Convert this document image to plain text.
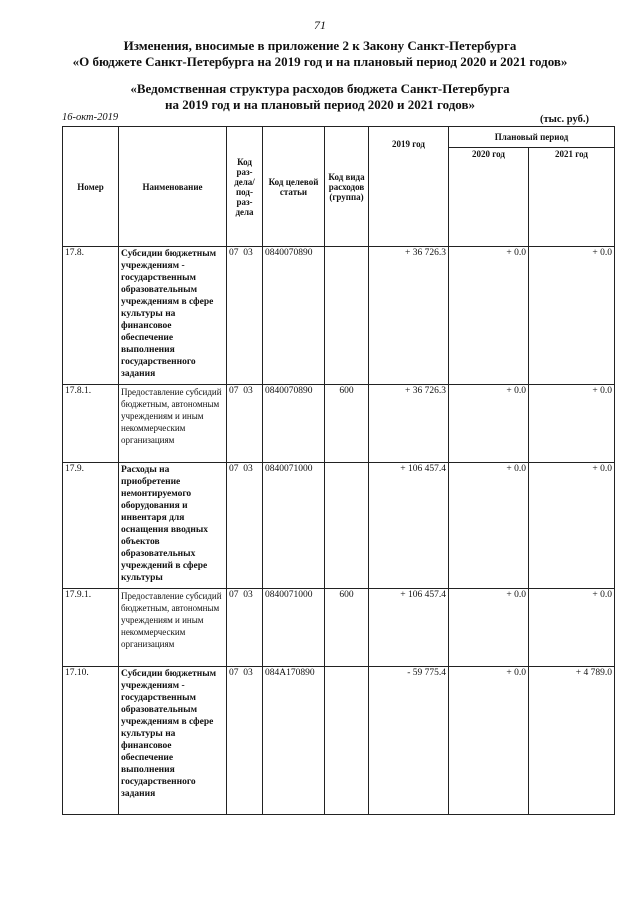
71
Изменения, вносимые в приложение 2 к Закону Санкт-Петербурга
«О бюджете Санкт-Петербурга на 2019 год и на плановый период 2020 и 2021 годов»
«Ведомственная структура расходов бюджета Санкт-Петербурга
на 2019 год и на плановый период 2020 и 2021 годов»
16-окт-2019	(тыс. руб.)
Номер	Наименование	Код раз-дела/ под-раз-дела	Код целевой статьи	Код вида расходов (группа)	2019 год	Плановый период	
						2020 год	2021 год
17.8.	Субсидии бюджетным учреждениям - государственным образовательным учреждениям в сфере культуры на финансовое обеспечение выполнения государственного задания	07 03	0840070890		+ 36 726.3	+ 0.0	+ 0.0
17.8.1.	Предоставление субсидий бюджетным, автономным учреждениям и иным некоммерческим организациям	07 03	0840070890	600	+ 36 726.3	+ 0.0	+ 0.0
17.9.	Расходы на приобретение немонтируемого оборудования и инвентаря для оснащения вводных объектов образовательных учреждений в сфере культуры	07 03	0840071000		+ 106 457.4	+ 0.0	+ 0.0
17.9.1.	Предоставление субсидий бюджетным, автономным учреждениям и иным некоммерческим организациям	07 03	0840071000	600	+ 106 457.4	+ 0.0	+ 0.0
17.10.	Субсидии бюджетным учреждениям - государственным образовательным учреждениям в сфере культуры на финансовое обеспечение выполнения государственного задания	07 03	084А170890		- 59 775.4	+ 0.0	+ 4 789.0
